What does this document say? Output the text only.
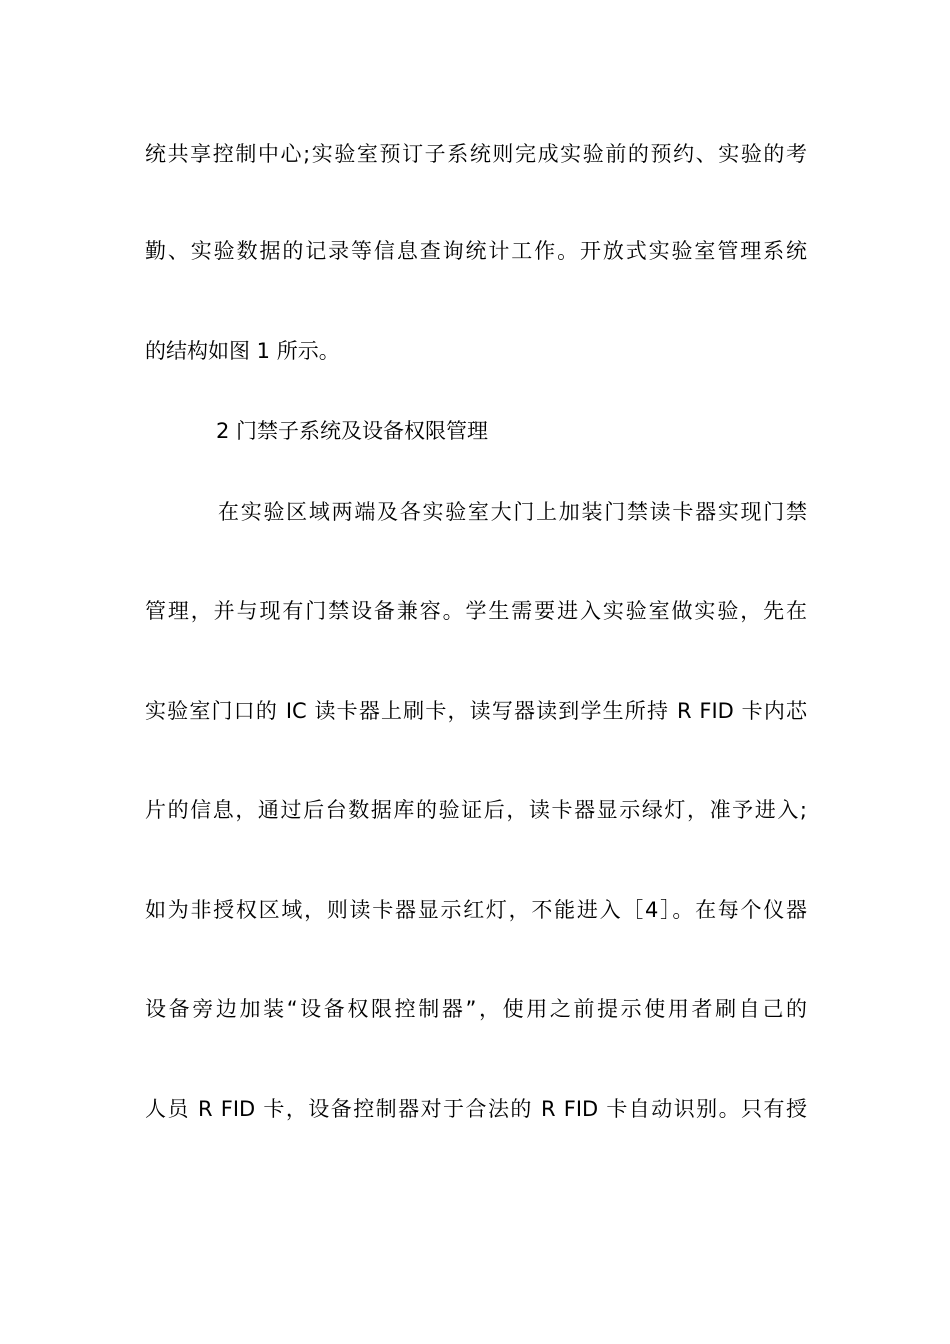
统共享控制中心;实验室预订子系统则完成实验前的预约、实验的考
勤、实验数据的记录等信息查询统计工作。开放式实验室管理系统
的结构如图 1 所示。
2 门禁子系统及设备权限管理
在实验区域两端及各实验室大门上加装门禁读卡器实现门禁
管理，并与现有门禁设备兼容。学生需要进入实验室做实验，先在
实验室门口的 IC 读卡器上刷卡，读写器读到学生所持 R FID 卡内芯
片的信息，通过后台数据库的验证后，读卡器显示绿灯，准予进入;
如为非授权区域，则读卡器显示红灯，不能进入［4］。在每个仪器
设备旁边加装“设备权限控制器”，使用之前提示使用者刷自己的
人员 R FID 卡，设备控制器对于合法的 R FID 卡自动识别。只有授
